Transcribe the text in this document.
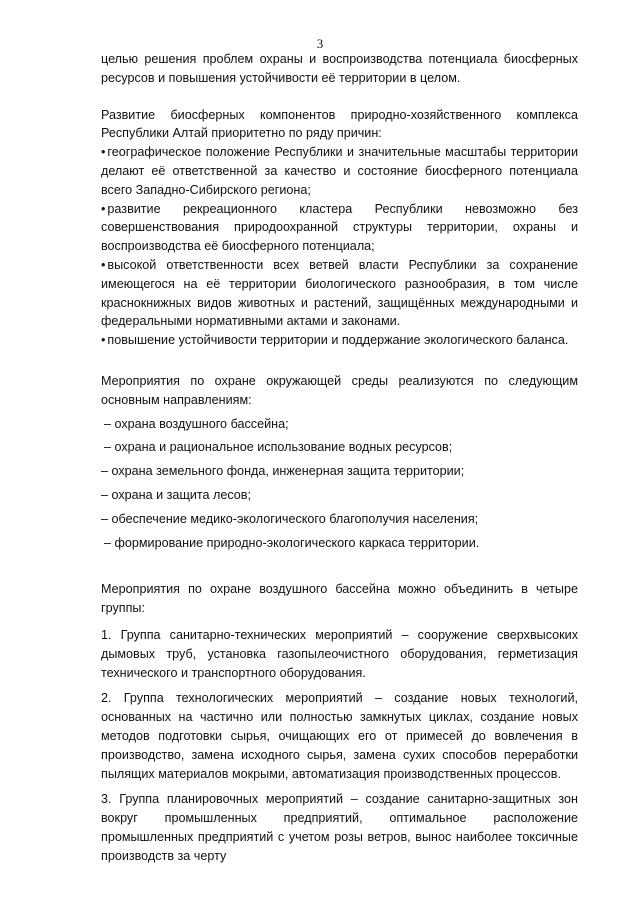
3

целью решения проблем охраны и воспроизводства потенциала биосферных ресурсов и повышения устойчивости её территории в целом.

Развитие биосферных компонентов природно-хозяйственного комплекса Республики Алтай приоритетно по ряду причин:

• географическое положение Республики и значительные масштабы территории делают её ответственной за качество и состояние биосферного потенциала всего Западно-Сибирского региона;

• развитие рекреационного кластера Республики невозможно без совершенствования природоохранной структуры территории, охраны и воспроизводства её биосферного потенциала;

• высокой ответственности всех ветвей власти Республики за сохранение имеющегося на её территории биологического разнообразия, в том числе краснокнижных видов животных и растений, защищённых международными и федеральными нормативными актами и законами.

• повышение устойчивости территории и поддержание экологического баланса.

Мероприятия по охране окружающей среды реализуются по следующим основным направлениям:

– охрана воздушного бассейна;

– охрана и рациональное использование водных ресурсов;

– охрана земельного фонда, инженерная защита территории;

– охрана и защита лесов;

– обеспечение медико-экологического благополучия населения;

– формирование природно-экологического каркаса территории.

Мероприятия по охране воздушного бассейна можно объединить в четыре группы:

1. Группа санитарно-технических мероприятий – сооружение сверхвысоких дымовых труб, установка газопылеочистного оборудования, герметизация технического и транспортного оборудования.

2. Группа технологических мероприятий – создание новых технологий, основанных на частично или полностью замкнутых циклах, создание новых методов подготовки сырья, очищающих его от примесей до вовлечения в производство, замена исходного сырья, замена сухих способов переработки пылящих материалов мокрыми, автоматизация производственных процессов.

3. Группа планировочных мероприятий – создание санитарно-защитных зон вокруг промышленных предприятий, оптимальное расположение промышленных предприятий с учетом розы ветров, вынос наиболее токсичные производств за черту
